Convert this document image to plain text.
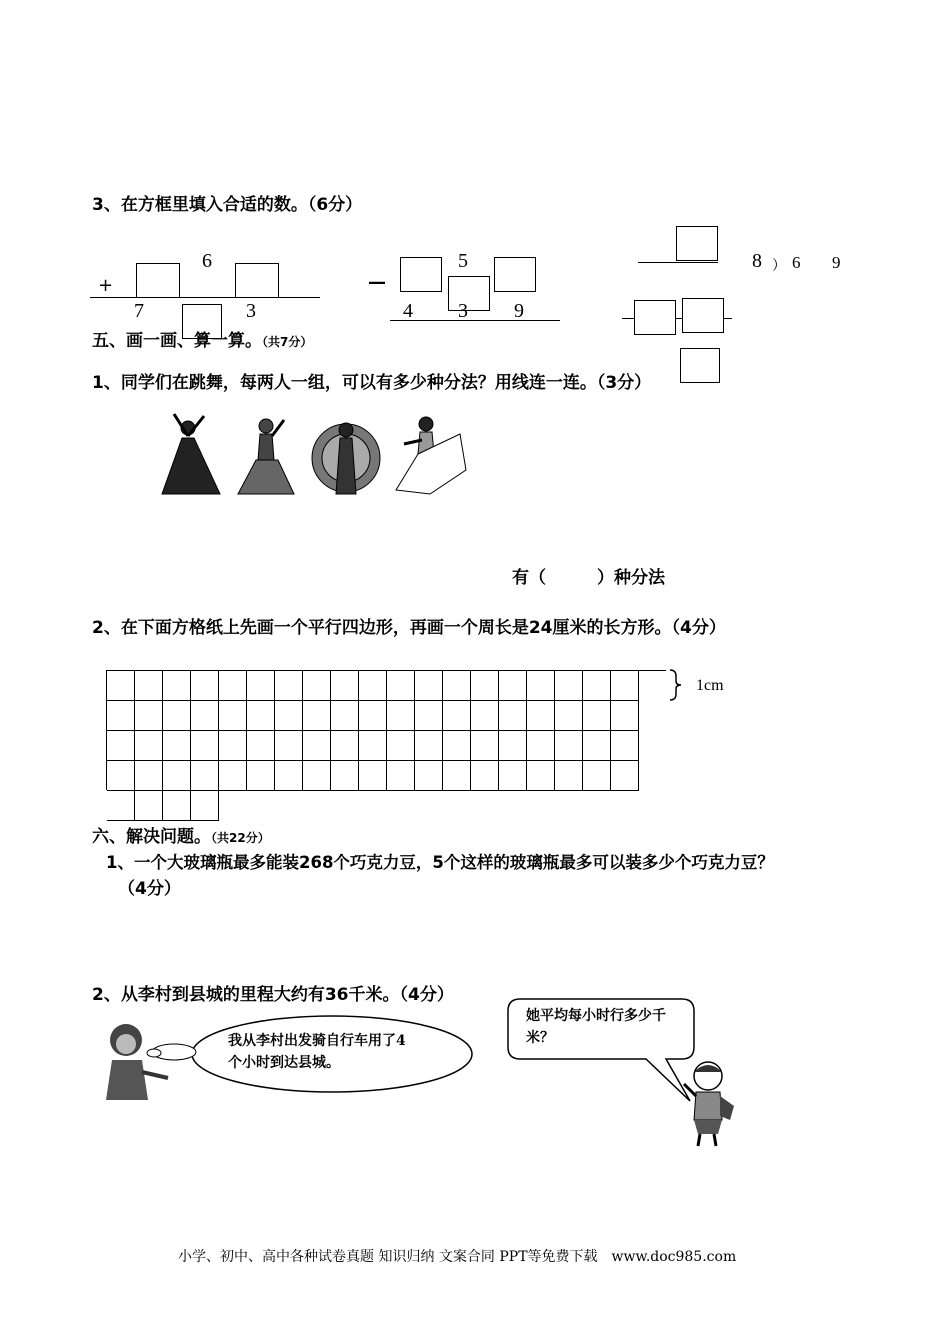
3、在方框里填入合适的数。（6分）
6
+
7	3
—
5
4 3 9
8 ） 6 9
五、画一画、算一算。（共7分）
1、同学们在跳舞，每两人一组，可以有多少种分法？用线连一连。（3分）
有（　　　）种分法
2、在下面方格纸上先画一个平行四边形，再画一个周长是24厘米的长方形。（4分）
1cm
六、解决问题。（共22分）
1、一个大玻璃瓶最多能装268个巧克力豆，5个这样的玻璃瓶最多可以装多少个巧克力豆？
（4分）
2、从李村到县城的里程大约有36千米。（4分）
我从李村出发骑自行车用了4个小时到达县城。
她平均每小时行多少千米？
小学、初中、高中各种试卷真题 知识归纳 文案合同 PPT等免费下载　www.doc985.com
